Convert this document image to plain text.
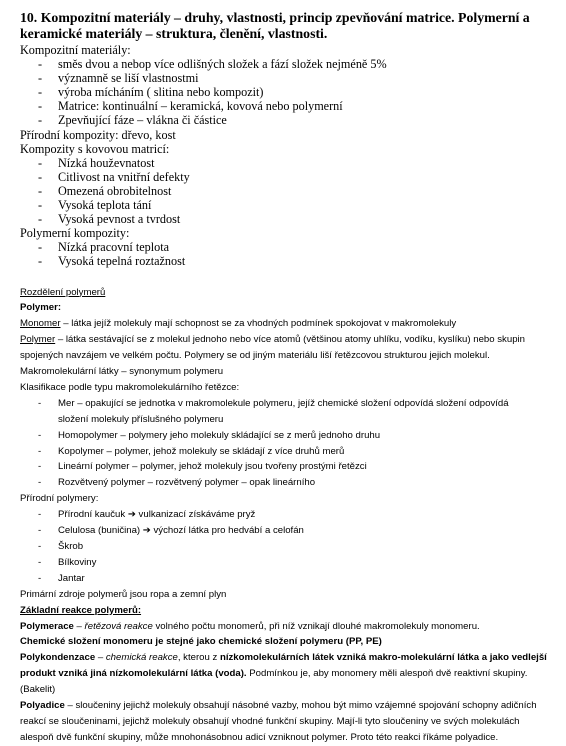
10. Kompozitní materiály – druhy, vlastnosti, princip zpevňování matrice. Polymerní a keramické materiály – struktura, členění, vlastnosti.
Kompozitní materiály:
-	směs dvou a nebop více odlišných složek a fází složek nejméně 5%
-	významně se liší vlastnostmi
-	výroba mícháním ( slitina nebo kompozit)
-	Matrice: kontinuální – keramická, kovová nebo polymerní
-	Zpevňující fáze – vlákna či částice
Přírodní kompozity: dřevo, kost
Kompozity s kovovou matricí:
-	Nízká houževnatost
-	Citlivost na vnitřní defekty
-	Omezená obrobitelnost
-	Vysoká teplota tání
-	Vysoká pevnost a tvrdost
Polymerní kompozity:
-	Nízká pracovní teplota
-	Vysoká tepelná roztažnost
Rozdělení polymerů
Polymer:
Monomer – látka jejíž molekuly mají schopnost se za vhodných podmínek spokojovat v makromolekuly
Polymer – látka sestávající se z molekul jednoho nebo více atomů (většinou atomy uhlíku, vodíku, kyslíku) nebo skupin spojených navzájem ve velkém počtu. Polymery se od jiným materiálu liší řetězcovou strukturou jejich molekul.
Makromolekulární látky – synonymum polymeru
Klasifikace podle typu makromolekulárního řetězce:
-	Mer – opakující se jednotka v makromolekule polymeru, jejíž chemické složení odpovídá složení odpovídá složení molekuly příslušného polymeru
-	Homopolymer – polymery jeho molekuly skládající se z merů jednoho druhu
-	Kopolymer – polymer, jehož molekuly se skládají z více druhů merů
-	Lineární polymer – polymer, jehož molekuly jsou tvořeny prostými řetězci
-	Rozvětvený polymer – rozvětvený polymer – opak lineárního
Přírodní polymery:
-	Přírodní kaučuk ➔ vulkanizací získáváme pryž
-	Celulosa (buničina) ➔ výchozí látka pro hedvábí a celofán
-	Škrob
-	Bílkoviny
-	Jantar
Primární zdroje polymerů jsou ropa a zemní plyn
Základní reakce polymerů:
Polymerace – řetězová reakce volného počtu monomerů, při níž vznikají dlouhé makromolekuly monomeru.
Chemické složení monomeru je stejné jako chemické složení polymeru (PP, PE)
Polykondenzace – chemická reakce, kterou z nízkomolekulárních látek vzniká makro-molekulární látka a jako vedlejší produkt vzniká jiná nízkomolekulární látka (voda). Podmínkou je, aby monomery měli alespoň dvě reaktivní skupiny. (Bakelit)
Polyadice – sloučeniny jejichž molekuly obsahují násobné vazby, mohou být mimo vzájemné spojování schopny adičních reakcí se sloučeninami, jejichž molekuly obsahují vhodné funkční skupiny. Mají-li tyto sloučeniny ve svých molekulách alespoň dvě funkční skupiny, může mnohonásobnou adicí vzniknout polymer. Proto této reakci říkáme polyadice.
